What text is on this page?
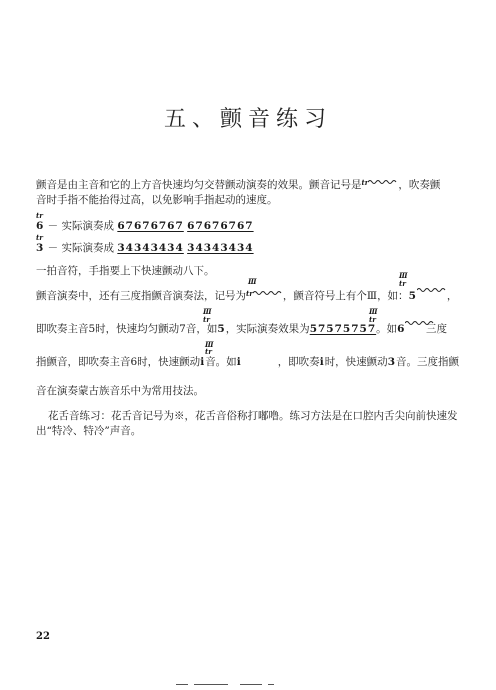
五、颤音练习
颤音是由主音和它的上方音快速均匀交替颤动演奏的效果。颤音记号是tr	，吹奏颤
音时手指不能抬得过高，以免影响手指起动的速度。
tr
6 － 实际演奏成 67676767 67676767
tr
3 － 实际演奏成 34343434 34343434
一拍音符，手指要上下快速颤动八下。
Ⅲ
Ⅲ
tr
颤音演奏中，还有三度指颤音演奏法，记号为tr	，颤音符号上有个Ⅲ，如：5	，
Ⅲ
tr
Ⅲ
tr
即吹奏主音5时，快速均匀颤动7音，如5，实际演奏效果为57575757。如6	三度
Ⅲ
tr
指颤音，即吹奏主音6时，快速颤动i音。如i	，即吹奏i时，快速颤动3音。三度指颤
音在演奏蒙古族音乐中为常用技法。
花舌音练习：花舌音记号为※，花舌音俗称打嘟噜。练习方法是在口腔内舌尖向前快速发
出“特冷、特冷”声音。
22
